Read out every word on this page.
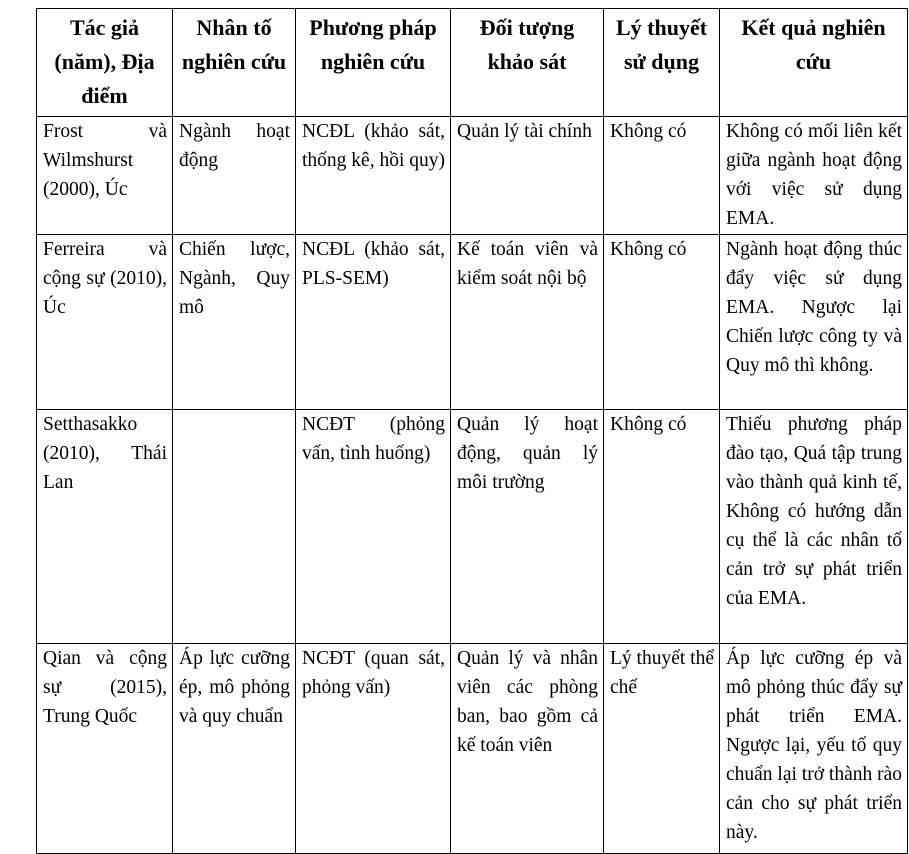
Tác giả (năm), Địa điểm	Nhân tố nghiên cứu	Phương pháp nghiên cứu	Đối tượng khảo sát	Lý thuyết sử dụng	Kết quả nghiên cứu
Frost và Wilmshurst (2000), Úc	Ngành hoạt động	NCĐL (khảo sát, thống kê, hồi quy)	Quản lý tài chính	Không có	Không có mối liên kết giữa ngành hoạt động với việc sử dụng EMA.
Ferreira và cộng sự (2010), Úc	Chiến lược, Ngành, Quy mô	NCĐL (khảo sát, PLS-SEM)	Kế toán viên và kiểm soát nội bộ	Không có	Ngành hoạt động thúc đẩy việc sử dụng EMA. Ngược lại Chiến lược công ty và Quy mô thì không.
Setthasakko (2010), Thái Lan		NCĐT (phỏng vấn, tình huống)	Quản lý hoạt động, quản lý môi trường	Không có	Thiếu phương pháp đào tạo, Quá tập trung vào thành quả kinh tế, Không có hướng dẫn cụ thể là các nhân tố cản trở sự phát triển của EMA.
Qian và cộng sự (2015), Trung Quốc	Áp lực cưỡng ép, mô phỏng và quy chuẩn	NCĐT (quan sát, phỏng vấn)	Quản lý và nhân viên các phòng ban, bao gồm cả kế toán viên	Lý thuyết thể chế	Áp lực cưỡng ép và mô phỏng thúc đẩy sự phát triển EMA. Ngược lại, yếu tố quy chuẩn lại trở thành rào cản cho sự phát triển này.
